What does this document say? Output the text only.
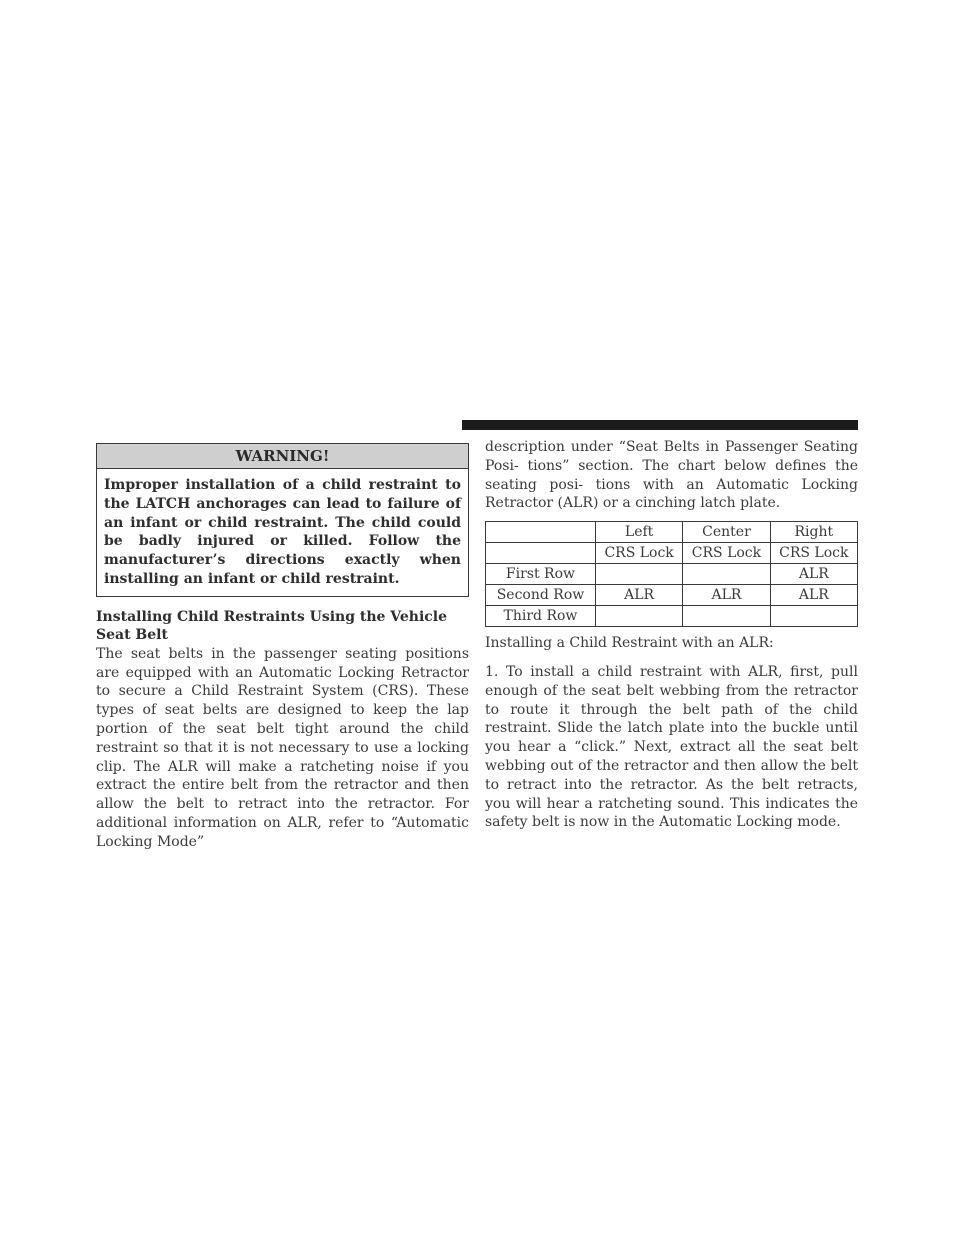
WARNING!
Improper installation of a child restraint to the LATCH anchorages can lead to failure of an infant or child restraint. The child could be badly injured or killed. Follow the manufacturer’s directions exactly when installing an infant or child restraint.
Installing Child Restraints Using the Vehicle Seat Belt

The seat belts in the passenger seating positions are equipped with an Automatic Locking Retractor to secure a Child Restraint System (CRS). These types of seat belts are designed to keep the lap portion of the seat belt tight around the child restraint so that it is not necessary to use a locking clip. The ALR will make a ratcheting noise if you extract the entire belt from the retractor and then allow the belt to retract into the retractor. For additional information on ALR, refer to “Automatic Locking Mode”

description under “Seat Belts in Passenger Seating Posi- tions” section. The chart below defines the seating posi- tions with an Automatic Locking Retractor (ALR) or a cinching latch plate.

	Left	Center	Right
	CRS Lock	CRS Lock	CRS Lock
First Row			ALR
Second Row	ALR	ALR	ALR
Third Row			
Installing a Child Restraint with an ALR:
1. To install a child restraint with ALR, first, pull enough of the seat belt webbing from the retractor to route it through the belt path of the child restraint. Slide the latch plate into the buckle until you hear a “click.” Next, extract all the seat belt webbing out of the retractor and then allow the belt to retract into the retractor. As the belt retracts, you will hear a ratcheting sound. This indicates the safety belt is now in the Automatic Locking mode.
